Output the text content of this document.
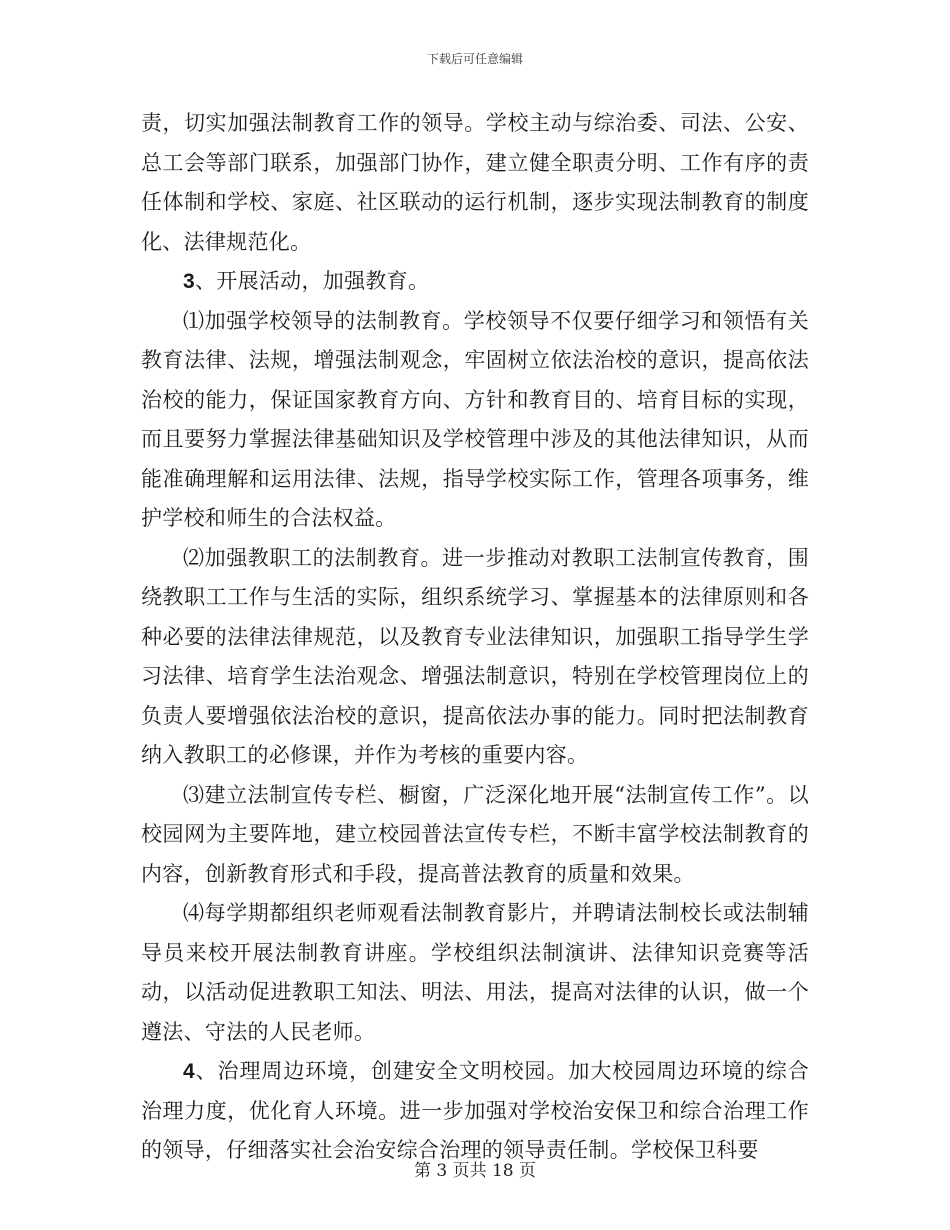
下载后可任意编辑

责，切实加强法制教育工作的领导。学校主动与综治委、司法、公安、总工会等部门联系，加强部门协作，建立健全职责分明、工作有序的责任体制和学校、家庭、社区联动的运行机制，逐步实现法制教育的制度化、法律规范化。

3、开展活动，加强教育。

⑴加强学校领导的法制教育。学校领导不仅要仔细学习和领悟有关教育法律、法规，增强法制观念，牢固树立依法治校的意识，提高依法治校的能力，保证国家教育方向、方针和教育目的、培育目标的实现，而且要努力掌握法律基础知识及学校管理中涉及的其他法律知识，从而能准确理解和运用法律、法规，指导学校实际工作，管理各项事务，维护学校和师生的合法权益。

⑵加强教职工的法制教育。进一步推动对教职工法制宣传教育，围绕教职工工作与生活的实际，组织系统学习、掌握基本的法律原则和各种必要的法律法律规范，以及教育专业法律知识，加强职工指导学生学习法律、培育学生法治观念、增强法制意识，特别在学校管理岗位上的负责人要增强依法治校的意识，提高依法办事的能力。同时把法制教育纳入教职工的必修课，并作为考核的重要内容。

⑶建立法制宣传专栏、橱窗，广泛深化地开展“法制宣传工作”。以校园网为主要阵地，建立校园普法宣传专栏，不断丰富学校法制教育的内容，创新教育形式和手段，提高普法教育的质量和效果。

⑷每学期都组织老师观看法制教育影片，并聘请法制校长或法制辅导员来校开展法制教育讲座。学校组织法制演讲、法律知识竞赛等活动，以活动促进教职工知法、明法、用法，提高对法律的认识，做一个遵法、守法的人民老师。

4、治理周边环境，创建安全文明校园。加大校园周边环境的综合治理力度，优化育人环境。进一步加强对学校治安保卫和综合治理工作的领导，仔细落实社会治安综合治理的领导责任制。学校保卫科要

第 3 页共 18 页
